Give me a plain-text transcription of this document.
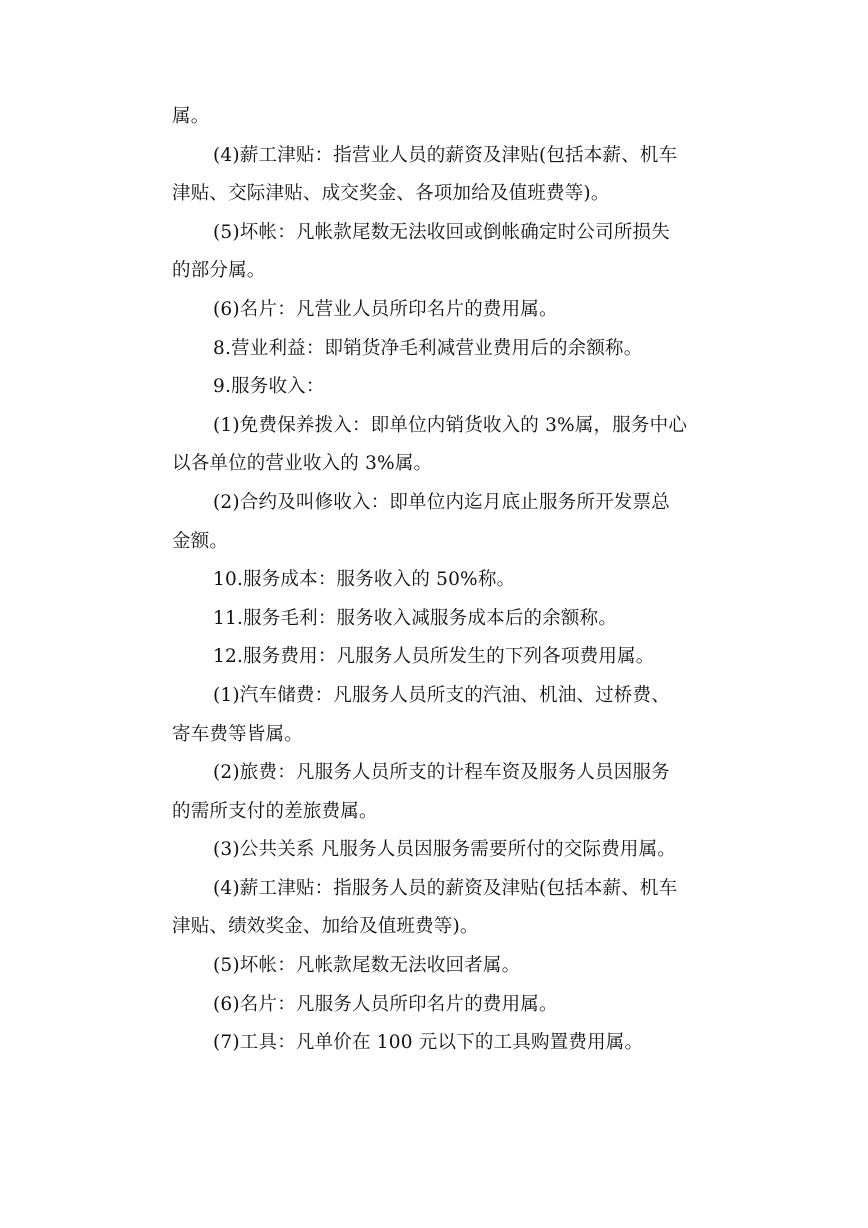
属。
(4)薪工津贴：指营业人员的薪资及津贴(包括本薪、机车
津贴、交际津贴、成交奖金、各项加给及值班费等)。
(5)坏帐：凡帐款尾数无法收回或倒帐确定时公司所损失
的部分属。
(6)名片：凡营业人员所印名片的费用属。
8.营业利益：即销货净毛利减营业费用后的余额称。
9.服务收入：
(1)免费保养拨入：即单位内销货收入的 3%属，服务中心
以各单位的营业收入的 3%属。
(2)合约及叫修收入：即单位内迄月底止服务所开发票总
金额。
10.服务成本：服务收入的 50%称。
11.服务毛利：服务收入减服务成本后的余额称。
12.服务费用：凡服务人员所发生的下列各项费用属。
(1)汽车储费：凡服务人员所支的汽油、机油、过桥费、
寄车费等皆属。
(2)旅费：凡服务人员所支的计程车资及服务人员因服务
的需所支付的差旅费属。
(3)公共关系 凡服务人员因服务需要所付的交际费用属。
(4)薪工津贴：指服务人员的薪资及津贴(包括本薪、机车
津贴、绩效奖金、加给及值班费等)。
(5)坏帐：凡帐款尾数无法收回者属。
(6)名片：凡服务人员所印名片的费用属。
(7)工具：凡单价在 100 元以下的工具购置费用属。
